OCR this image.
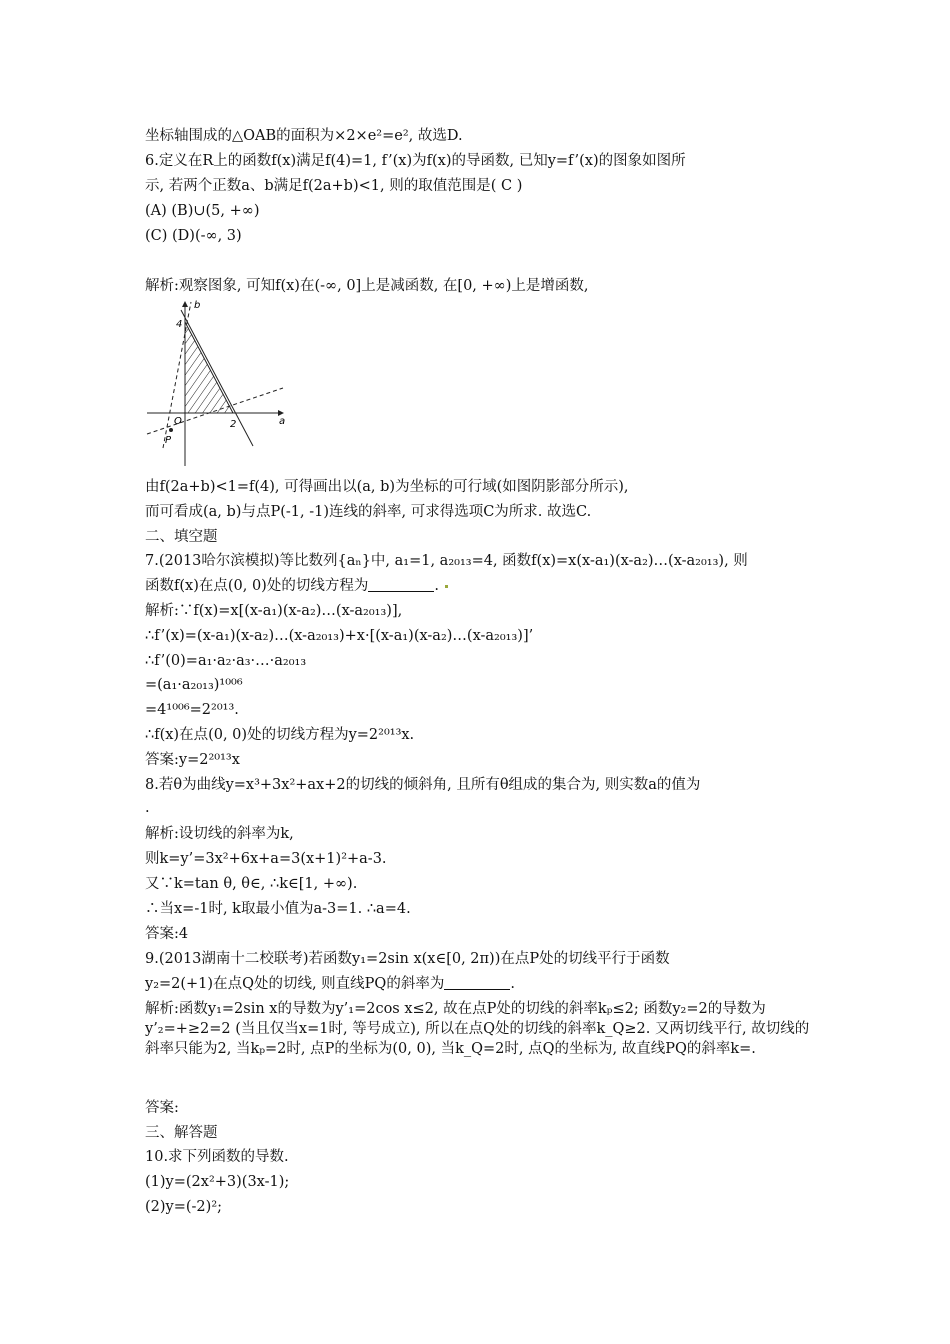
坐标轴围成的△OAB的面积为×2×e²=e², 故选D.
6.定义在R上的函数f(x)满足f(4)=1, f’(x)为f(x)的导函数, 已知y=f’(x)的图象如图所
示, 若两个正数a、b满足f(2a+b)<1, 则的取值范围是( C )
(A) (B)∪(5, +∞)
(C) (D)(-∞, 3)
解析:观察图象, 可知f(x)在(-∞, 0]上是减函数, 在[0, +∞)上是增函数,
b
a
O
4
2
P
由f(2a+b)<1=f(4), 可得画出以(a, b)为坐标的可行域(如图阴影部分所示),
而可看成(a, b)与点P(-1, -1)连线的斜率, 可求得选项C为所求. 故选C.
二、填空题
7.(2013哈尔滨模拟)等比数列{aₙ}中, a₁=1, a₂₀₁₃=4, 函数f(x)=x(x-a₁)(x-a₂)…(x-a₂₀₁₃), 则
函数f(x)在点(0, 0)处的切线方程为	.
解析:∵f(x)=x[(x-a₁)(x-a₂)…(x-a₂₀₁₃)],
∴f’(x)=(x-a₁)(x-a₂)…(x-a₂₀₁₃)+x·[(x-a₁)(x-a₂)…(x-a₂₀₁₃)]’
∴f’(0)=a₁·a₂·a₃·…·a₂₀₁₃
=(a₁·a₂₀₁₃)¹⁰⁰⁶
=4¹⁰⁰⁶=2²⁰¹³.
∴f(x)在点(0, 0)处的切线方程为y=2²⁰¹³x.
答案:y=2²⁰¹³x
8.若θ为曲线y=x³+3x²+ax+2的切线的倾斜角, 且所有θ组成的集合为, 则实数a的值为
.
解析:设切线的斜率为k,
则k=y’=3x²+6x+a=3(x+1)²+a-3.
又∵k=tan θ, θ∈, ∴k∈[1, +∞).
∴当x=-1时, k取最小值为a-3=1. ∴a=4.
答案:4
9.(2013湖南十二校联考)若函数y₁=2sin x(x∈[0, 2π))在点P处的切线平行于函数
y₂=2(+1)在点Q处的切线, 则直线PQ的斜率为	.
解析:函数y₁=2sin x的导数为y’₁=2cos x≤2, 故在点P处的切线的斜率kₚ≤2; 函数y₂=2的导数为y’₂=+≥2=2 (当且仅当x=1时, 等号成立), 所以在点Q处的切线的斜率k_Q≥2. 又两切线平行, 故切线的斜率只能为2, 当kₚ=2时, 点P的坐标为(0, 0), 当k_Q=2时, 点Q的坐标为, 故直线PQ的斜率k=.
答案:
三、解答题
10.求下列函数的导数.
(1)y=(2x²+3)(3x-1);
(2)y=(-2)²;
